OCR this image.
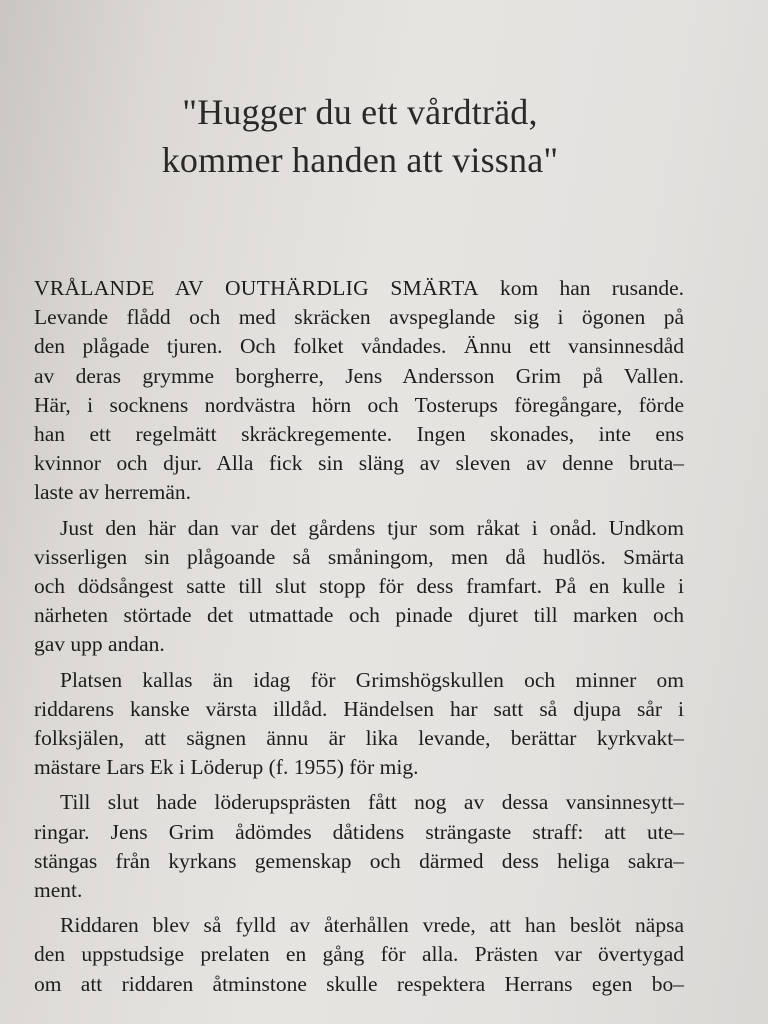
"Hugger du ett vårdträd,
kommer handen att vissna"

VRÅLANDE AV OUTHÄRDLIG SMÄRTA kom han rusande.
Levande flådd och med skräcken avspeglande sig i ögonen på
den plågade tjuren. Och folket våndades. Ännu ett vansinnesdåd
av deras grymme borgherre, Jens Andersson Grim på Vallen.
Här, i socknens nordvästra hörn och Tosterups föregångare, förde
han ett regelmätt skräckregemente. Ingen skonades, inte ens
kvinnor och djur. Alla fick sin släng av sleven av denne bruta–
laste av herremän.

Just den här dan var det gårdens tjur som råkat i onåd. Undkom
visserligen sin plågoande så småningom, men då hudlös. Smärta
och dödsångest satte till slut stopp för dess framfart. På en kulle i
närheten störtade det utmattade och pinade djuret till marken och
gav upp andan.

Platsen kallas än idag för Grimshögskullen och minner om
riddarens kanske värsta illdåd. Händelsen har satt så djupa sår i
folksjälen, att sägnen ännu är lika levande, berättar kyrkvakt–
mästare Lars Ek i Löderup (f. 1955) för mig.

Till slut hade löderupsprästen fått nog av dessa vansinnesytt–
ringar. Jens Grim ådömdes dåtidens strängaste straff: att ute–
stängas från kyrkans gemenskap och därmed dess heliga sakra–
ment.

Riddaren blev så fylld av återhållen vrede, att han beslöt näpsa
den uppstudsige prelaten en gång för alla. Prästen var övertygad
om att riddaren åtminstone skulle respektera Herrans egen bo–
